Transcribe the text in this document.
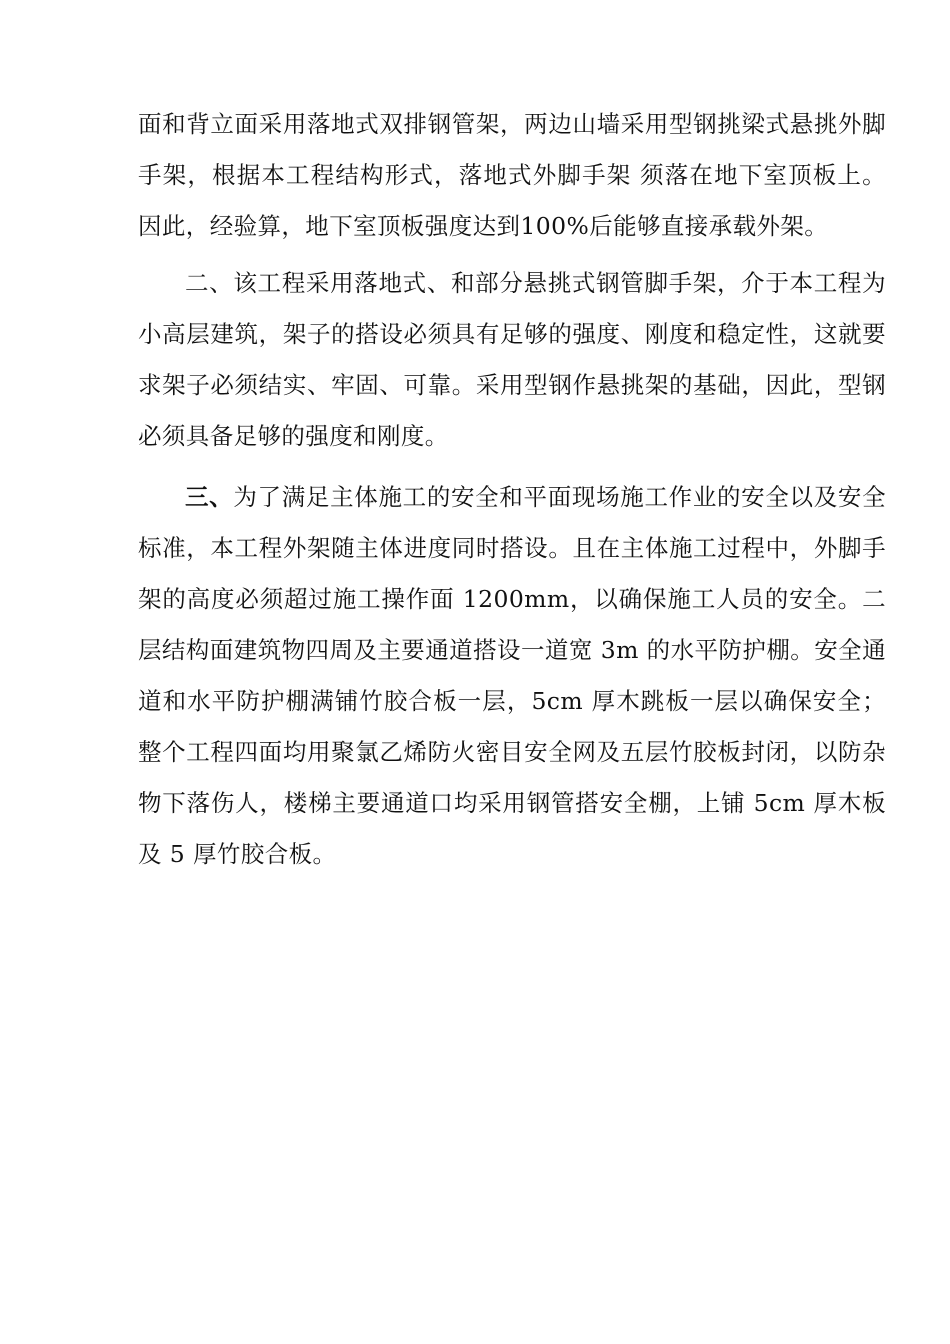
面和背立面采用落地式双排钢管架，两边山墙采用型钢挑梁式悬挑外脚手架，根据本工程结构形式，落地式外脚手架 须落在地下室顶板上。因此，经验算，地下室顶板强度达到100%后能够直接承载外架。

二、该工程采用落地式、和部分悬挑式钢管脚手架，介于本工程为小高层建筑，架子的搭设必须具有足够的强度、刚度和稳定性，这就要求架子必须结实、牢固、可靠。采用型钢作悬挑架的基础，因此，型钢必须具备足够的强度和刚度。

三、为了满足主体施工的安全和平面现场施工作业的安全以及安全标准，本工程外架随主体进度同时搭设。且在主体施工过程中，外脚手架的高度必须超过施工操作面 1200mm，以确保施工人员的安全。二层结构面建筑物四周及主要通道搭设一道宽 3m 的水平防护棚。安全通道和水平防护棚满铺竹胶合板一层，5cm 厚木跳板一层以确保安全；整个工程四面均用聚氯乙烯防火密目安全网及五层竹胶板封闭，以防杂物下落伤人，楼梯主要通道口均采用钢管搭安全棚，上铺 5cm 厚木板及 5 厚竹胶合板。
